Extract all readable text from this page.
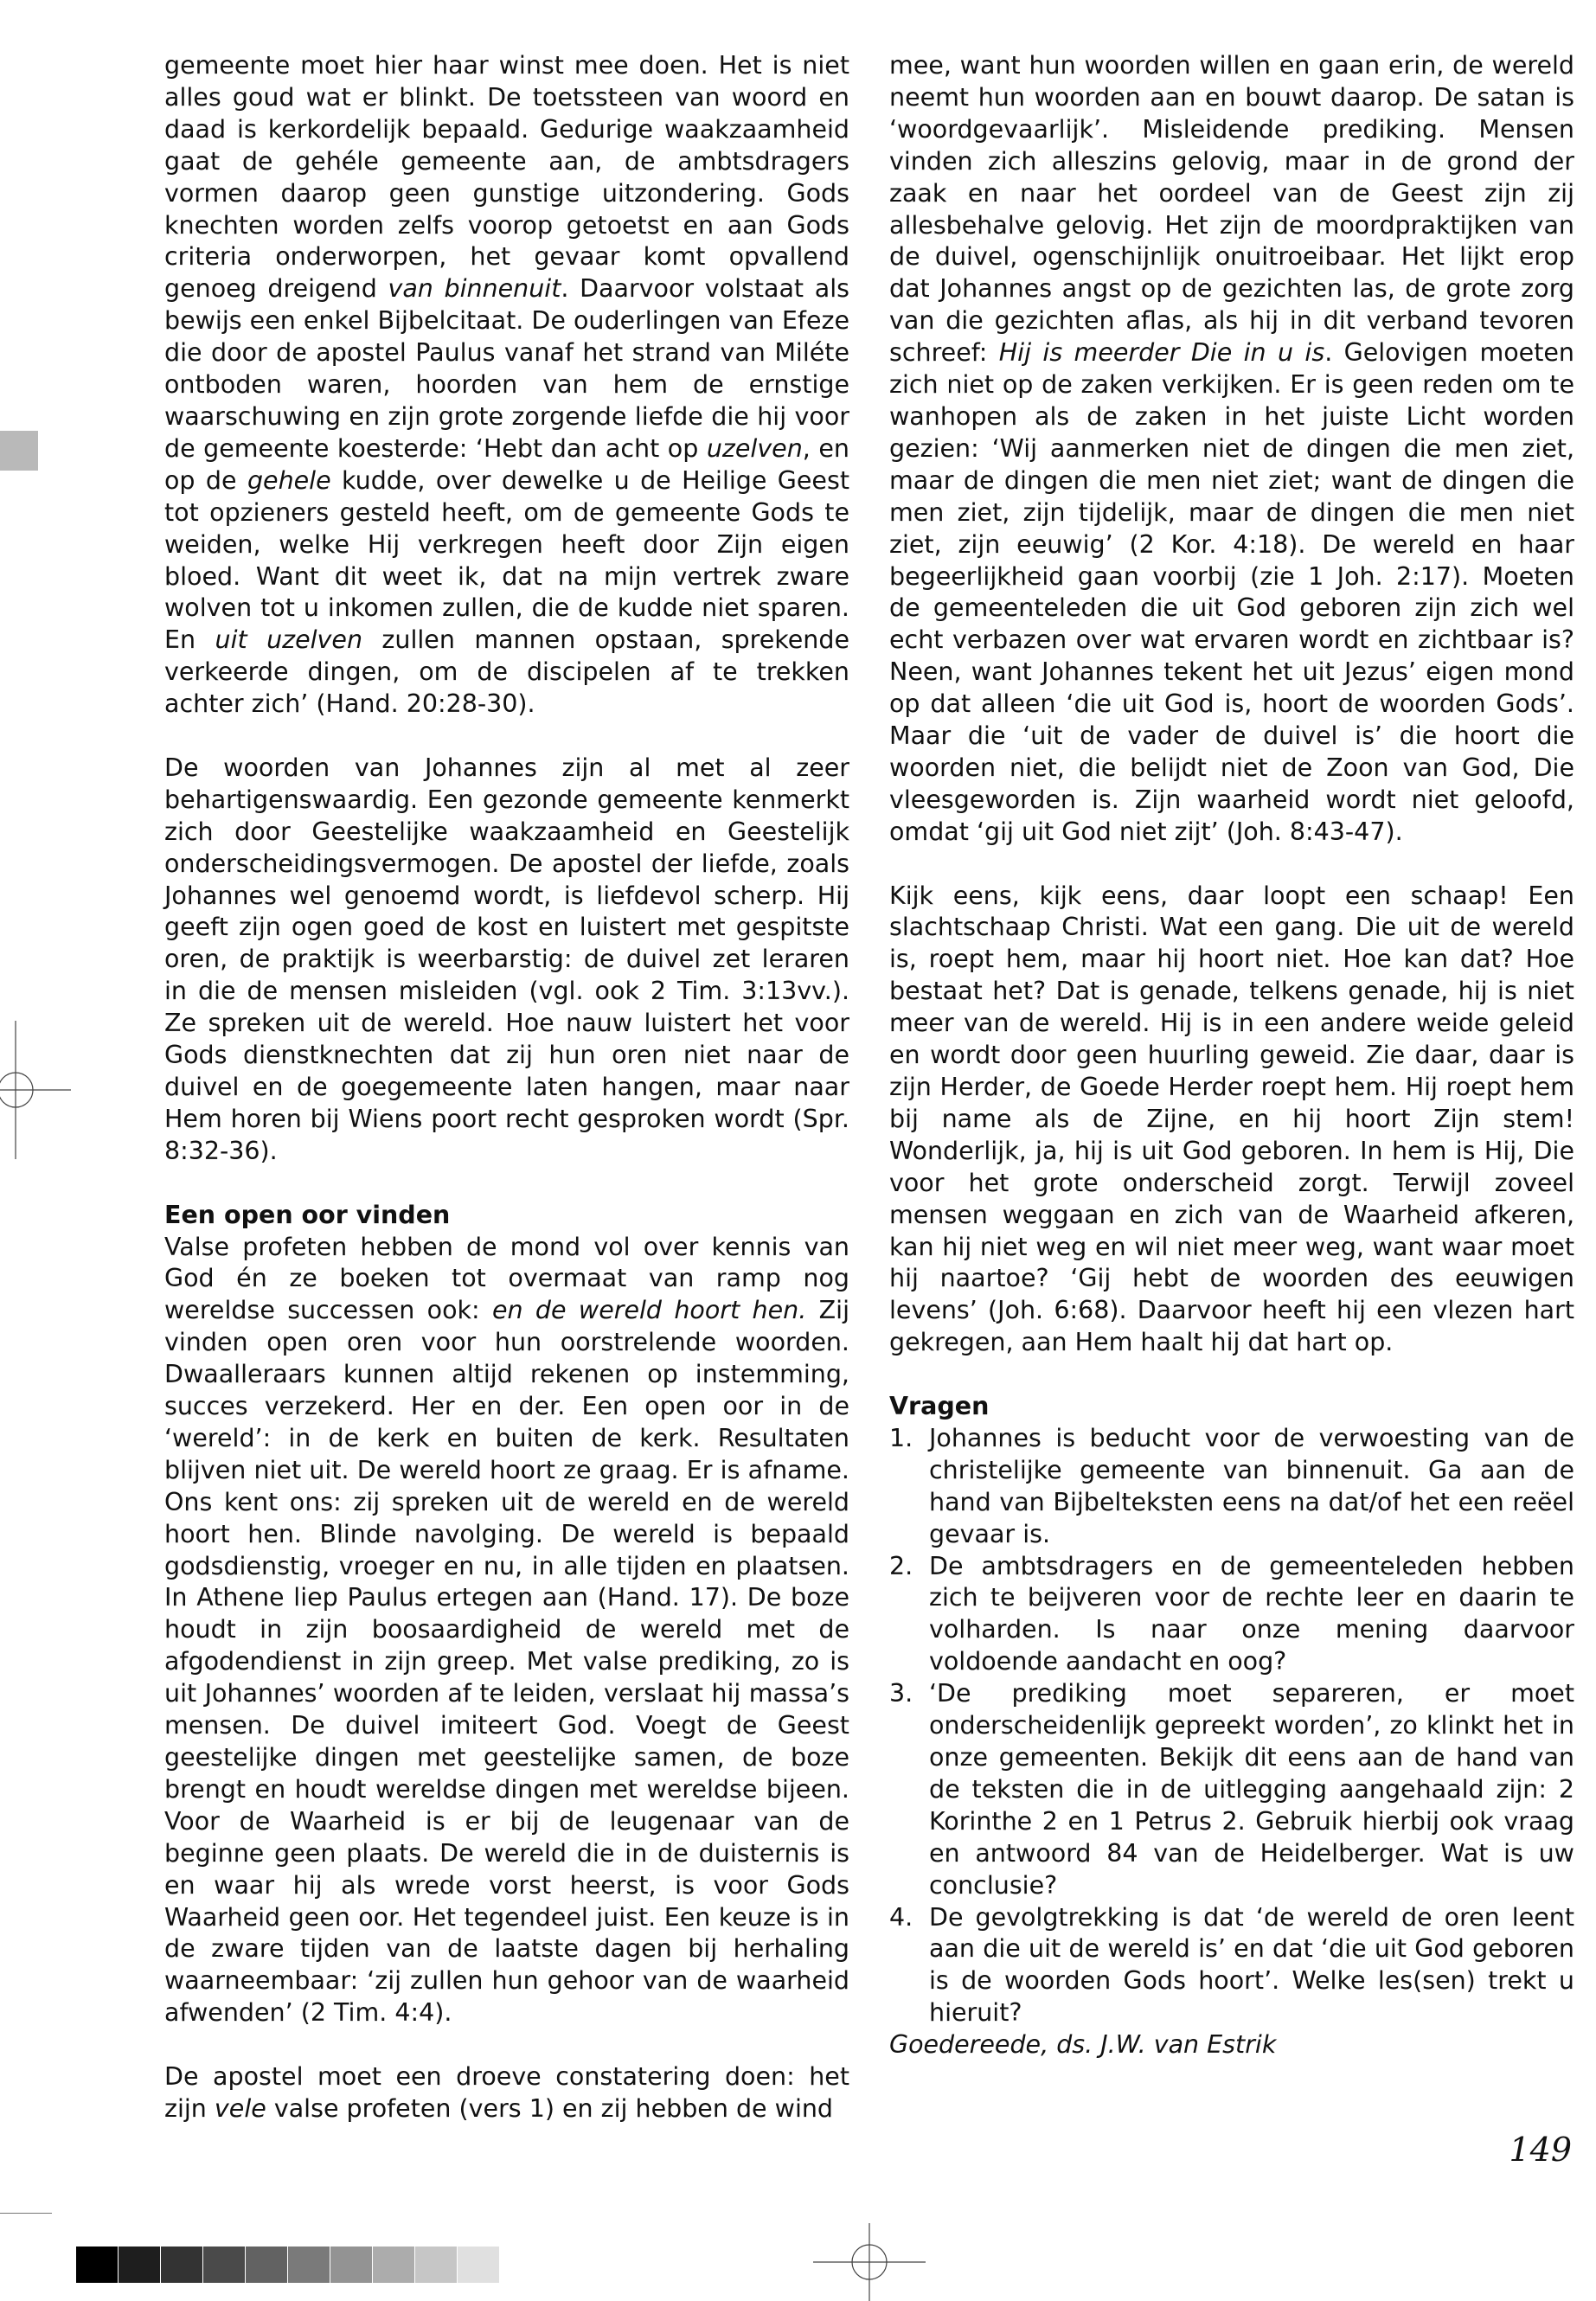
gemeente moet hier haar winst mee doen. Het is niet alles goud wat er blinkt. De toetssteen van woord en daad is kerkordelijk bepaald. Gedurige waakzaamheid gaat de gehéle gemeente aan, de ambtsdragers vormen daarop geen gunstige uitzondering. Gods knechten worden zelfs voorop getoetst en aan Gods criteria onderworpen, het gevaar komt opvallend genoeg dreigend van binnenuit. Daarvoor volstaat als bewijs een enkel Bijbelcitaat. De ouderlingen van Efeze die door de apostel Paulus vanaf het strand van Miléte ontboden waren, hoorden van hem de ernstige waarschuwing en zijn grote zorgende liefde die hij voor de gemeente koesterde: ‘Hebt dan acht op uzelven, en op de gehele kudde, over dewelke u de Heilige Geest tot opzieners gesteld heeft, om de gemeente Gods te weiden, welke Hij verkregen heeft door Zijn eigen bloed. Want dit weet ik, dat na mijn vertrek zware wolven tot u inkomen zullen, die de kudde niet sparen. En uit uzelven zullen mannen opstaan, sprekende verkeerde dingen, om de discipelen af te trekken achter zich’ (Hand. 20:28-30).

De woorden van Johannes zijn al met al zeer behartigenswaardig. Een gezonde gemeente kenmerkt zich door Geestelijke waakzaamheid en Geestelijk onderscheidingsvermogen. De apostel der liefde, zoals Johannes wel genoemd wordt, is liefdevol scherp. Hij geeft zijn ogen goed de kost en luistert met gespitste oren, de praktijk is weerbarstig: de duivel zet leraren in die de mensen misleiden (vgl. ook 2 Tim. 3:13vv.). Ze spreken uit de wereld. Hoe nauw luistert het voor Gods dienstknechten dat zij hun oren niet naar de duivel en de goegemeente laten hangen, maar naar Hem horen bij Wiens poort recht gesproken wordt (Spr. 8:32-36).

Een open oor vinden

Valse profeten hebben de mond vol over kennis van God én ze boeken tot overmaat van ramp nog wereldse successen ook: en de wereld hoort hen. Zij vinden open oren voor hun oorstrelende woorden. Dwaalleraars kunnen altijd rekenen op instemming, succes verzekerd. Her en der. Een open oor in de ‘wereld’: in de kerk en buiten de kerk. Resultaten blijven niet uit. De wereld hoort ze graag. Er is afname. Ons kent ons: zij spreken uit de wereld en de wereld hoort hen. Blinde navolging. De wereld is bepaald godsdienstig, vroeger en nu, in alle tijden en plaatsen. In Athene liep Paulus ertegen aan (Hand. 17). De boze houdt in zijn boosaardigheid de wereld met de afgodendienst in zijn greep. Met valse prediking, zo is uit Johannes’ woorden af te leiden, verslaat hij massa’s mensen. De duivel imiteert God. Voegt de Geest geestelijke dingen met geestelijke samen, de boze brengt en houdt wereldse dingen met wereldse bijeen. Voor de Waarheid is er bij de leugenaar van de beginne geen plaats. De wereld die in de duisternis is en waar hij als wrede vorst heerst, is voor Gods Waarheid geen oor. Het tegendeel juist. Een keuze is in de zware tijden van de laatste dagen bij herhaling waarneembaar: ‘zij zullen hun gehoor van de waarheid afwenden’ (2 Tim. 4:4).

De apostel moet een droeve constatering doen: het zijn vele valse profeten (vers 1) en zij hebben de wind

mee, want hun woorden willen en gaan erin, de wereld neemt hun woorden aan en bouwt daarop. De satan is ‘woordgevaarlijk’. Misleidende prediking. Mensen vinden zich alleszins gelovig, maar in de grond der zaak en naar het oordeel van de Geest zijn zij allesbehalve gelovig. Het zijn de moordpraktijken van de duivel, ogenschijnlijk onuitroeibaar. Het lijkt erop dat Johannes angst op de gezichten las, de grote zorg van die gezichten aflas, als hij in dit verband tevoren schreef: Hij is meerder Die in u is. Gelovigen moeten zich niet op de zaken verkijken. Er is geen reden om te wanhopen als de zaken in het juiste Licht worden gezien: ‘Wij aanmerken niet de dingen die men ziet, maar de dingen die men niet ziet; want de dingen die men ziet, zijn tijdelijk, maar de dingen die men niet ziet, zijn eeuwig’ (2 Kor. 4:18). De wereld en haar begeerlijkheid gaan voorbij (zie 1 Joh. 2:17). Moeten de gemeenteleden die uit God geboren zijn zich wel echt verbazen over wat ervaren wordt en zichtbaar is? Neen, want Johannes tekent het uit Jezus’ eigen mond op dat alleen ‘die uit God is, hoort de woorden Gods’. Maar die ‘uit de vader de duivel is’ die hoort die woorden niet, die belijdt niet de Zoon van God, Die vleesgeworden is. Zijn waarheid wordt niet geloofd, omdat ‘gij uit God niet zijt’ (Joh. 8:43-47).

Kijk eens, kijk eens, daar loopt een schaap! Een slachtschaap Christi. Wat een gang. Die uit de wereld is, roept hem, maar hij hoort niet. Hoe kan dat? Hoe bestaat het? Dat is genade, telkens genade, hij is niet meer van de wereld. Hij is in een andere weide geleid en wordt door geen huurling geweid. Zie daar, daar is zijn Herder, de Goede Herder roept hem. Hij roept hem bij name als de Zijne, en hij hoort Zijn stem! Wonderlijk, ja, hij is uit God geboren. In hem is Hij, Die voor het grote onderscheid zorgt. Terwijl zoveel mensen weggaan en zich van de Waarheid afkeren, kan hij niet weg en wil niet meer weg, want waar moet hij naartoe? ‘Gij hebt de woorden des eeuwigen levens’ (Joh. 6:68). Daarvoor heeft hij een vlezen hart gekregen, aan Hem haalt hij dat hart op.

Vragen
1. Johannes is beducht voor de verwoesting van de christelijke gemeente van binnenuit. Ga aan de hand van Bijbelteksten eens na dat/of het een reëel gevaar is.
2. De ambtsdragers en de gemeenteleden hebben zich te beijveren voor de rechte leer en daarin te volharden. Is naar onze mening daarvoor voldoende aandacht en oog?
3. ‘De prediking moet separeren, er moet onderscheidenlijk gepreekt worden’, zo klinkt het in onze gemeenten. Bekijk dit eens aan de hand van de teksten die in de uitlegging aangehaald zijn: 2 Korinthe 2 en 1 Petrus 2. Gebruik hierbij ook vraag en antwoord 84 van de Heidelberger. Wat is uw conclusie?
4. De gevolgtrekking is dat ‘de wereld de oren leent aan die uit de wereld is’ en dat ‘die uit God geboren is de woorden Gods hoort’. Welke les(sen) trekt u hieruit?

Goedereede, ds. J.W. van Estrik

149
